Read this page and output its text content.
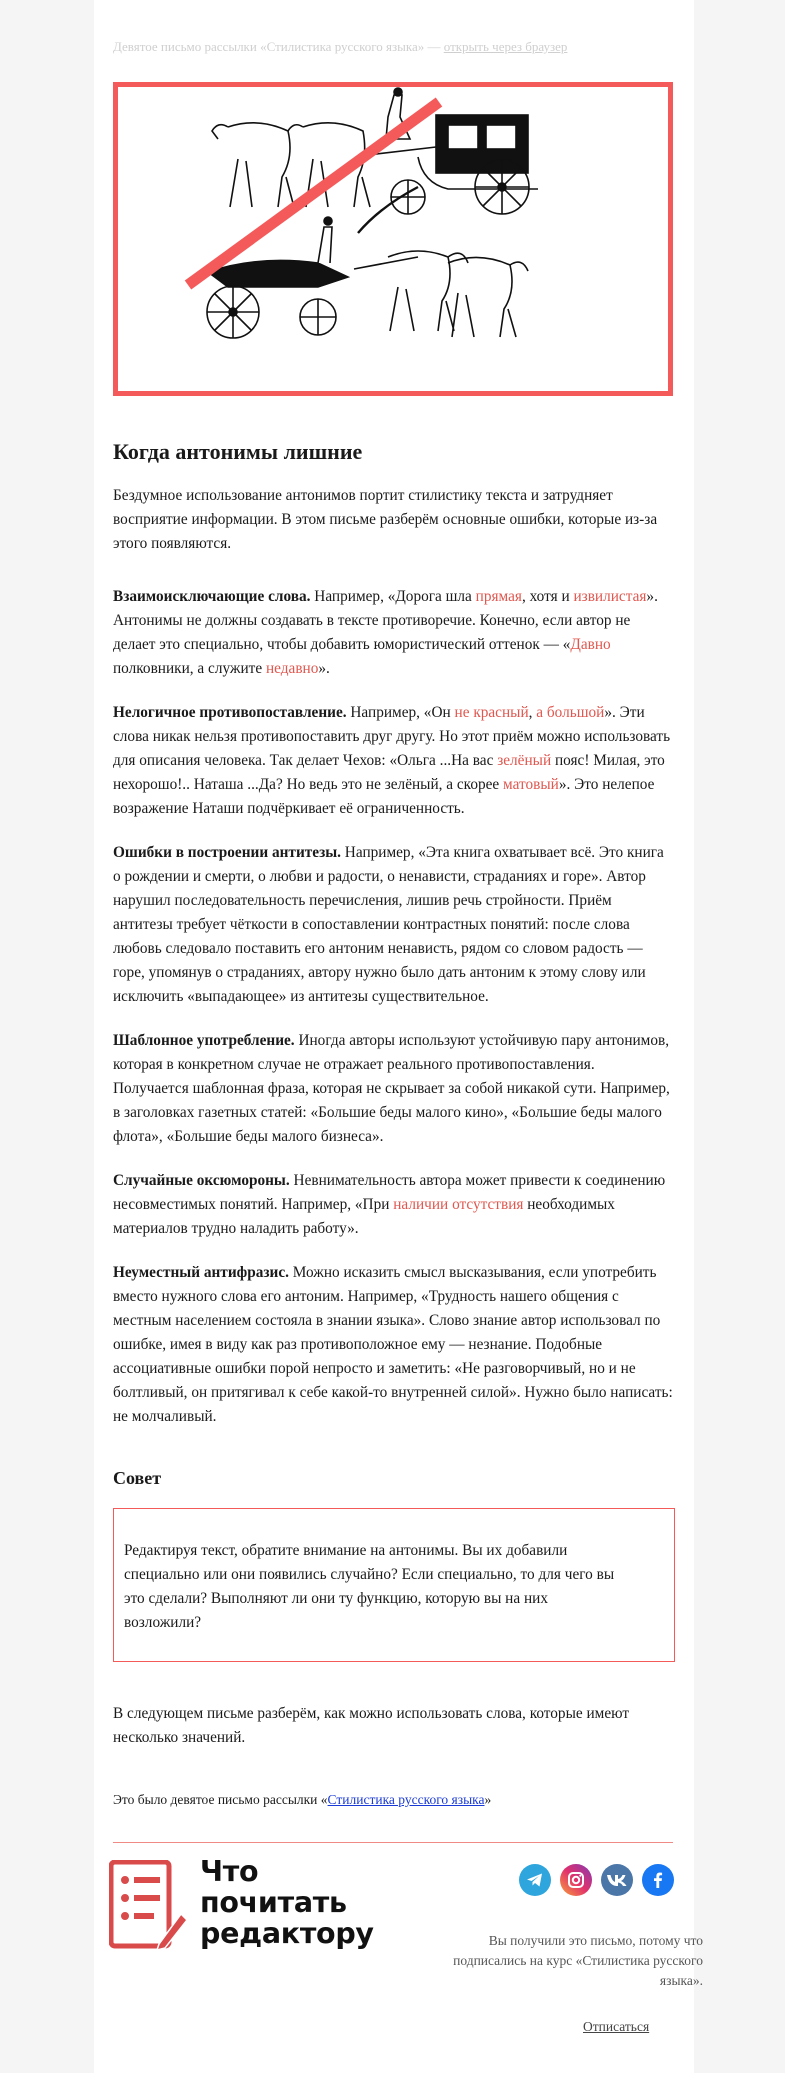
Девятое письмо рассылки «Стилистика русского языка» — открыть через браузер
Когда антонимы лишние

Бездумное использование антонимов портит стилистику текста и затрудняет восприятие информации. В этом письме разберём основные ошибки, которые из-за этого появляются.

Взаимоисключающие слова. Например, «Дорога шла прямая, хотя и извилистая». Антонимы не должны создавать в тексте противоречие. Конечно, если автор не делает это специально, чтобы добавить юмористический оттенок — «Давно полковники, а служите недавно».

Нелогичное противопоставление. Например, «Он не красный, а большой». Эти слова никак нельзя противопоставить друг другу. Но этот приём можно использовать для описания человека. Так делает Чехов: «Ольга ...На вас зелёный пояс! Милая, это нехорошо!.. Наташа ...Да? Но ведь это не зелёный, а скорее матовый». Это нелепое возражение Наташи подчёркивает её ограниченность.

Ошибки в построении антитезы. Например, «Эта книга охватывает всё. Это книга о рождении и смерти, о любви и радости, о ненависти, страданиях и горе». Автор нарушил последовательность перечисления, лишив речь стройности. Приём антитезы требует чёткости в сопоставлении контрастных понятий: после слова любовь следовало поставить его антоним ненависть, рядом со словом радость — горе, упомянув о страданиях, автору нужно было дать антоним к этому слову или исключить «выпадающее» из антитезы существительное.

Шаблонное употребление. Иногда авторы используют устойчивую пару антонимов, которая в конкретном случае не отражает реального противопоставления. Получается шаблонная фраза, которая не скрывает за собой никакой сути. Например, в заголовках газетных статей: «Большие беды малого кино», «Большие беды малого флота», «Большие беды малого бизнеса».

Случайные оксюмороны. Невнимательность автора может привести к соединению несовместимых понятий. Например, «При наличии отсутствия необходимых материалов трудно наладить работу».

Неуместный антифразис. Можно исказить смысл высказывания, если употребить вместо нужного слова его антоним. Например, «Трудность нашего общения с местным населением состояла в знании языка». Слово знание автор использовал по ошибке, имея в виду как раз противоположное ему — незнание. Подобные ассоциативные ошибки порой непросто и заметить: «Не разговорчивый, но и не болтливый, он притягивал к себе какой-то внутренней силой». Нужно было написать: не молчаливый.

Совет

Редактируя текст, обратите внимание на антонимы. Вы их добавили специально или они появились случайно? Если специально, то для чего вы это сделали? Выполняют ли они ту функцию, которую вы на них возложили?

В следующем письме разберём, как можно использовать слова, которые имеют несколько значений.

Это было девятое письмо рассылки «Стилистика русского языка»
Что
почитать
редактору	Вы получили это письмо, потому что подписались на курс «Стилистика русского языка».
Отписаться
